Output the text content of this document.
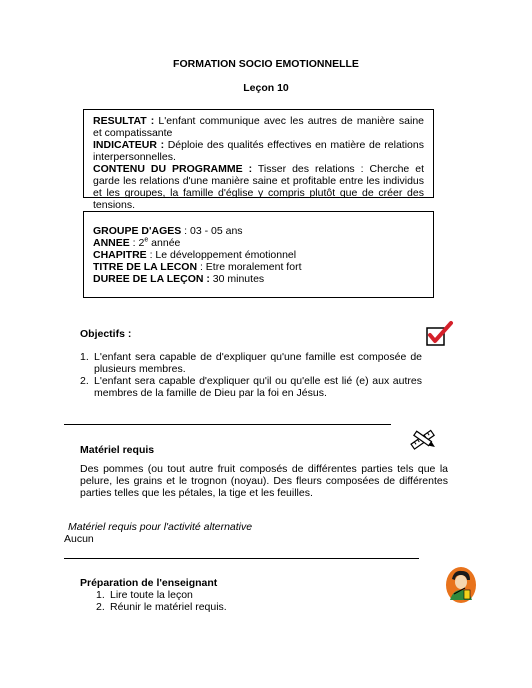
FORMATION SOCIO EMOTIONNELLE
Leçon 10

RESULTAT : L'enfant communique avec les autres de manière saine et compatissante

INDICATEUR : Déploie des qualités effectives en matière de relations interpersonnelles.

CONTENU DU PROGRAMME : Tisser des relations : Cherche et garde les relations d'une manière saine et profitable entre les individus et les groupes, la famille d'église y compris plutôt que de créer des tensions.

GROUPE D'AGES : 03 - 05 ans
ANNEE : 2e année
CHAPITRE : Le développement émotionnel
TITRE DE LA LECON : Etre moralement fort
DUREE DE LA LEÇON : 30 minutes
Objectifs :
1. L'enfant sera capable de d'expliquer qu'une famille est composée de plusieurs membres.
2. L'enfant sera capable d'expliquer qu'il ou qu'elle est lié (e) aux autres membres de la famille de Dieu par la foi en Jésus.
Matériel requis
Des pommes (ou tout autre fruit composés de différentes parties tels que la pelure, les grains et le trognon (noyau). Des fleurs composées de différentes parties telles que les pétales, la tige et les feuilles.
Matériel requis pour l'activité alternative
Aucun
Préparation de l'enseignant
1. Lire toute la leçon
2. Réunir le matériel requis.
